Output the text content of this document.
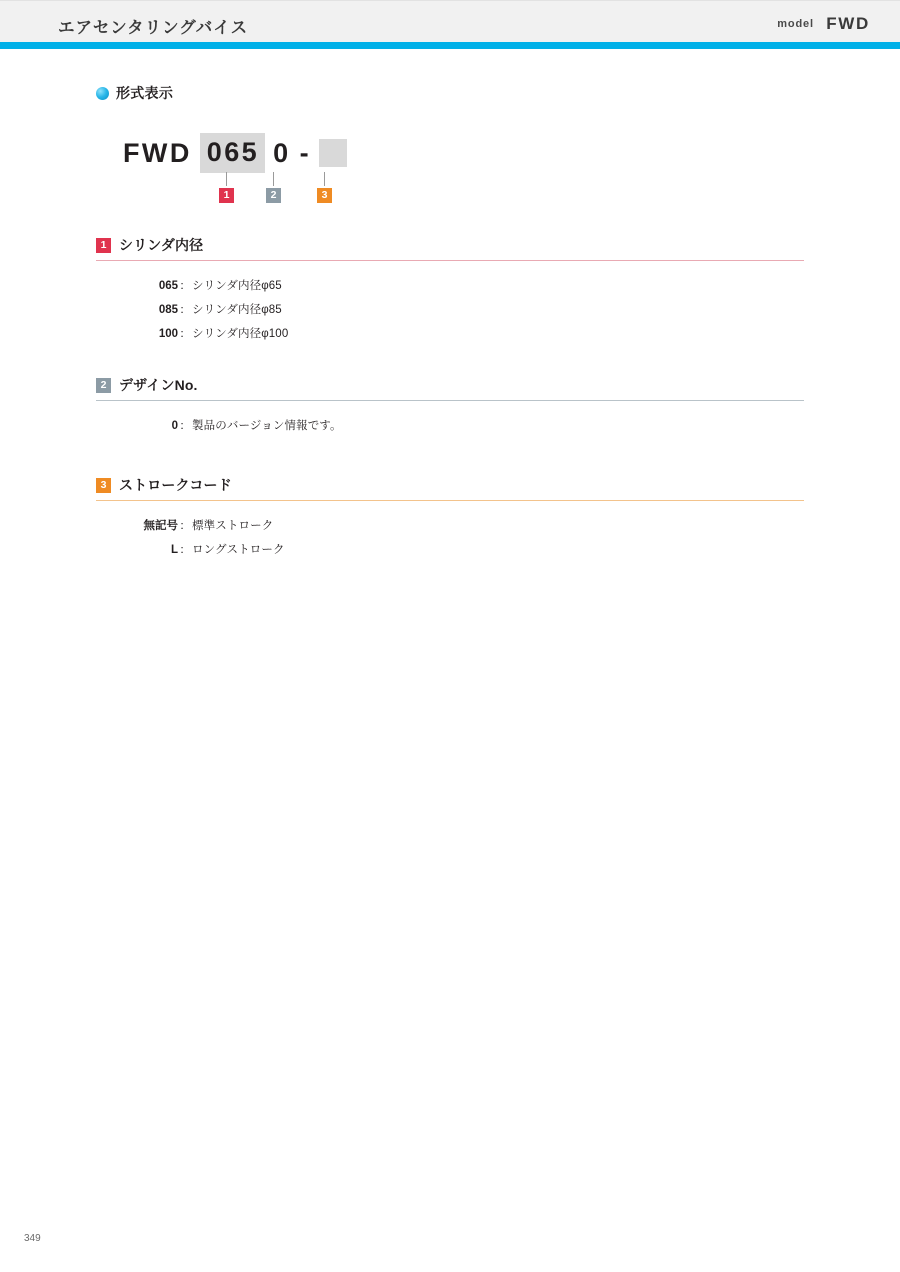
エアセンタリングバイス	model FWD
形式表示
FWD 065 0 -
1	2	3
1 シリンダ内径
065 ： シリンダ内径φ65
085 ： シリンダ内径φ85
100 ： シリンダ内径φ100
2 デザインNo.
0 ： 製品のバージョン情報です。
3 ストロークコード
無記号 ： 標準ストローク
L ： ロングストローク
349
